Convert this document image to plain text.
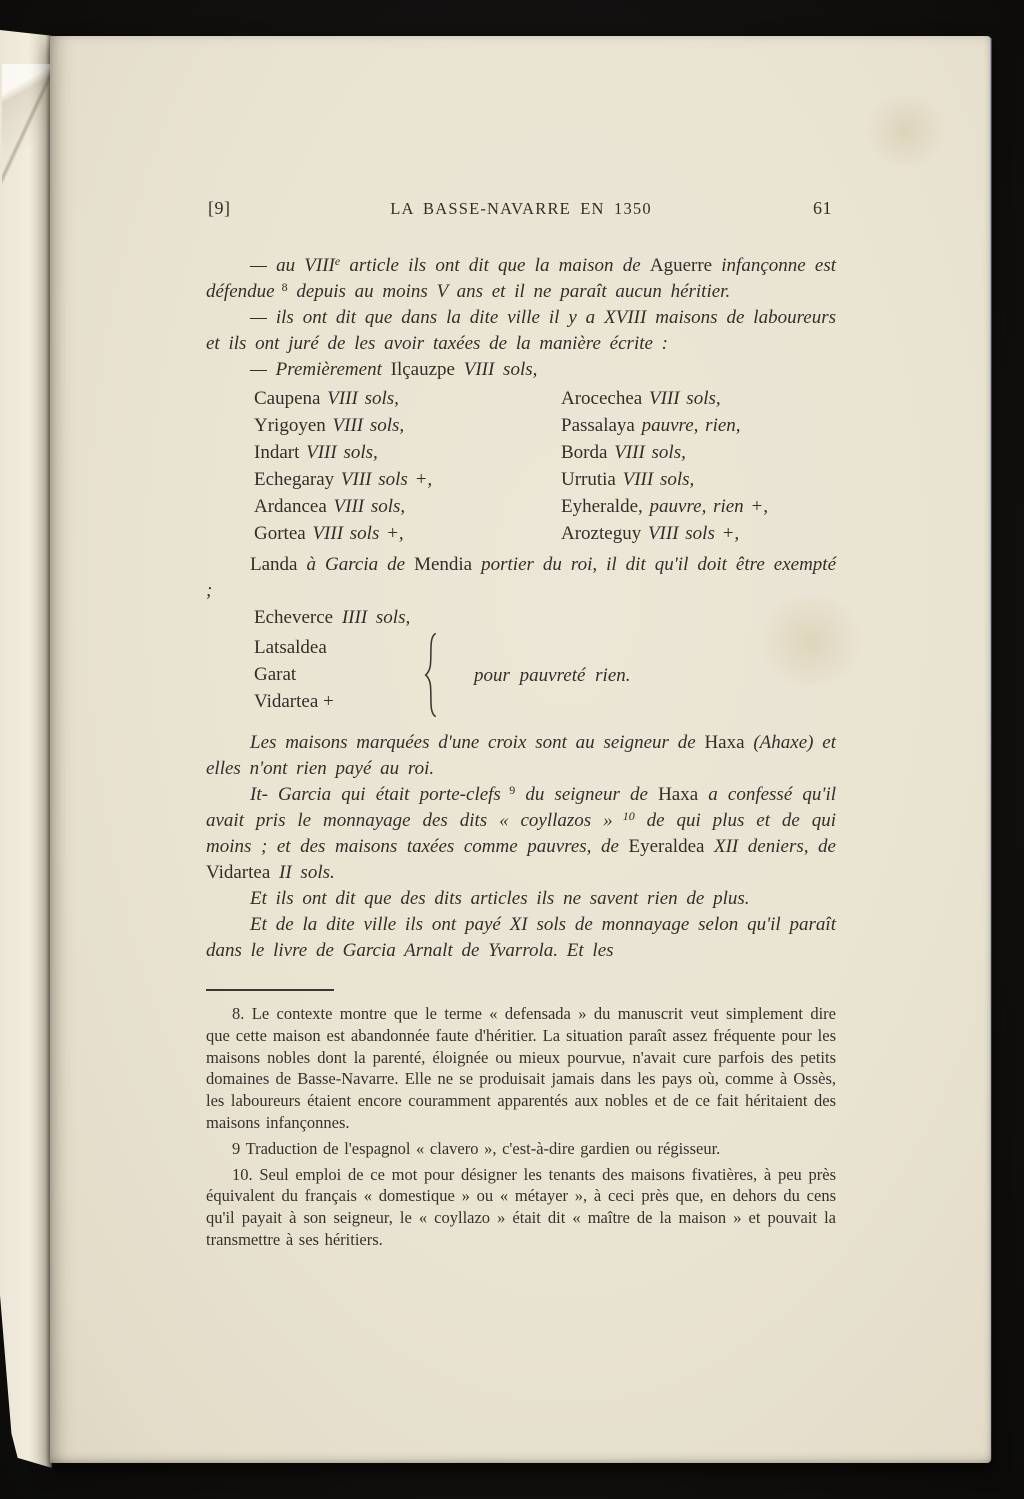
[9]	LA BASSE-NAVARRE EN 1350	61

— au VIIIe article ils ont dit que la maison de Aguerre infançonne est défendue $^8$ depuis au moins V ans et il ne paraît aucun héritier.

— ils ont dit que dans la dite ville il y a XVIII maisons de laboureurs et ils ont juré de les avoir taxées de la manière écrite :

— Premièrement Ilçauzpe VIII sols,

Caupena VIII sols,	Arocechea VIII sols,
Yrigoyen VIII sols,	Passalaya pauvre, rien,
Indart VIII sols,	Borda VIII sols,
Echegaray VIII sols +,	Urrutia VIII sols,
Ardancea VIII sols,	Eyheralde, pauvre, rien +,
Gortea VIII sols +,	Arozteguy VIII sols +,

Landa à Garcia de Mendia portier du roi, il dit qu'il doit être exempté ;

Echeverce IIII sols,

Latsaldea
Garat
Vidartea +
pour pauvreté rien.

Les maisons marquées d'une croix sont au seigneur de Haxa (Ahaxe) et elles n'ont rien payé au roi.

It- Garcia qui était porte-clefs $^9$ du seigneur de Haxa a confessé qu'il avait pris le monnayage des dits « coyllazos » $^{10}$ de qui plus et de qui moins ; et des maisons taxées comme pauvres, de Eyeraldea XII deniers, de Vidartea II sols.

Et ils ont dit que des dits articles ils ne savent rien de plus.

Et de la dite ville ils ont payé XI sols de monnayage selon qu'il paraît dans le livre de Garcia Arnalt de Yvarrola. Et les

8. Le contexte montre que le terme « defensada » du manuscrit veut simplement dire que cette maison est abandonnée faute d'héritier. La situation paraît assez fréquente pour les maisons nobles dont la parenté, éloignée ou mieux pourvue, n'avait cure parfois des petits domaines de Basse-Navarre. Elle ne se produisait jamais dans les pays où, comme à Ossès, les laboureurs étaient encore couramment apparentés aux nobles et de ce fait héritaient des maisons infançonnes.

9 Traduction de l'espagnol « clavero », c'est-à-dire gardien ou régisseur.

10. Seul emploi de ce mot pour désigner les tenants des maisons fivatières, à peu près équivalent du français « domestique » ou « métayer », à ceci près que, en dehors du cens qu'il payait à son seigneur, le « coyllazo » était dit « maître de la maison » et pouvait la transmettre à ses héritiers.
